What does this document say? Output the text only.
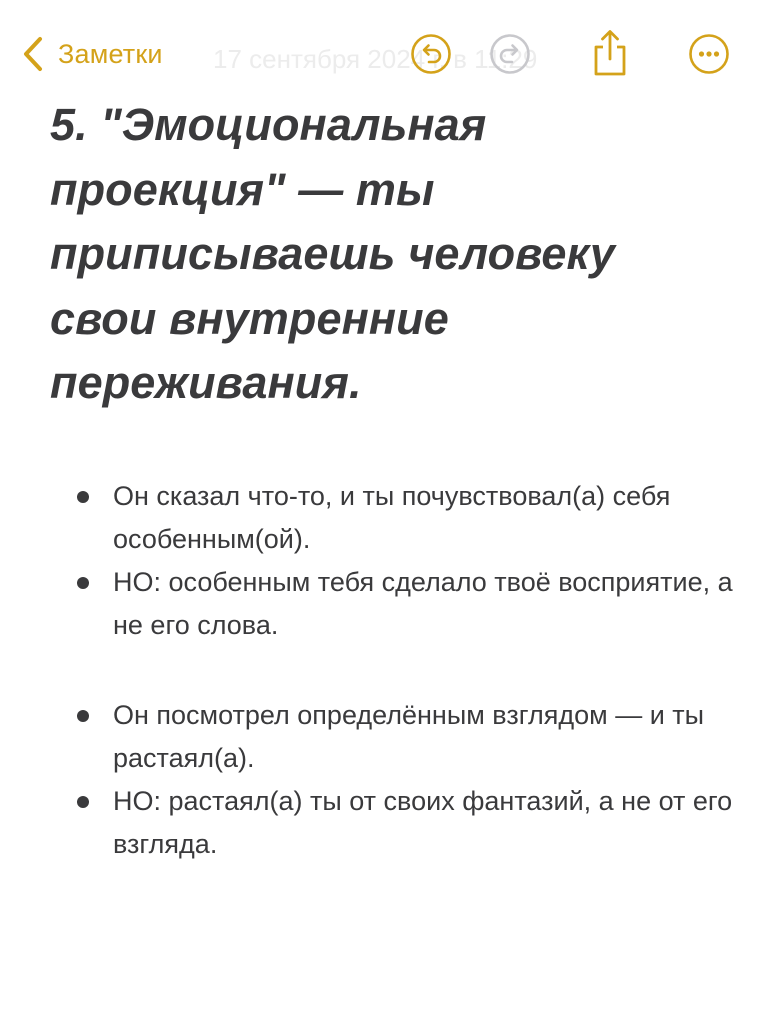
Заметки 17 сентября 2024 г. в 11:29
5. "Эмоциональная проекция" — ты приписываешь человеку свои внутренние переживания.
Он сказал что-то, и ты почувствовал(а) себя особенным(ой).
НО: особенным тебя сделало твоё восприятие, а не его слова.
Он посмотрел определённым взглядом — и ты растаял(а).
НО: растаял(а) ты от своих фантазий, а не от его взгляда.
